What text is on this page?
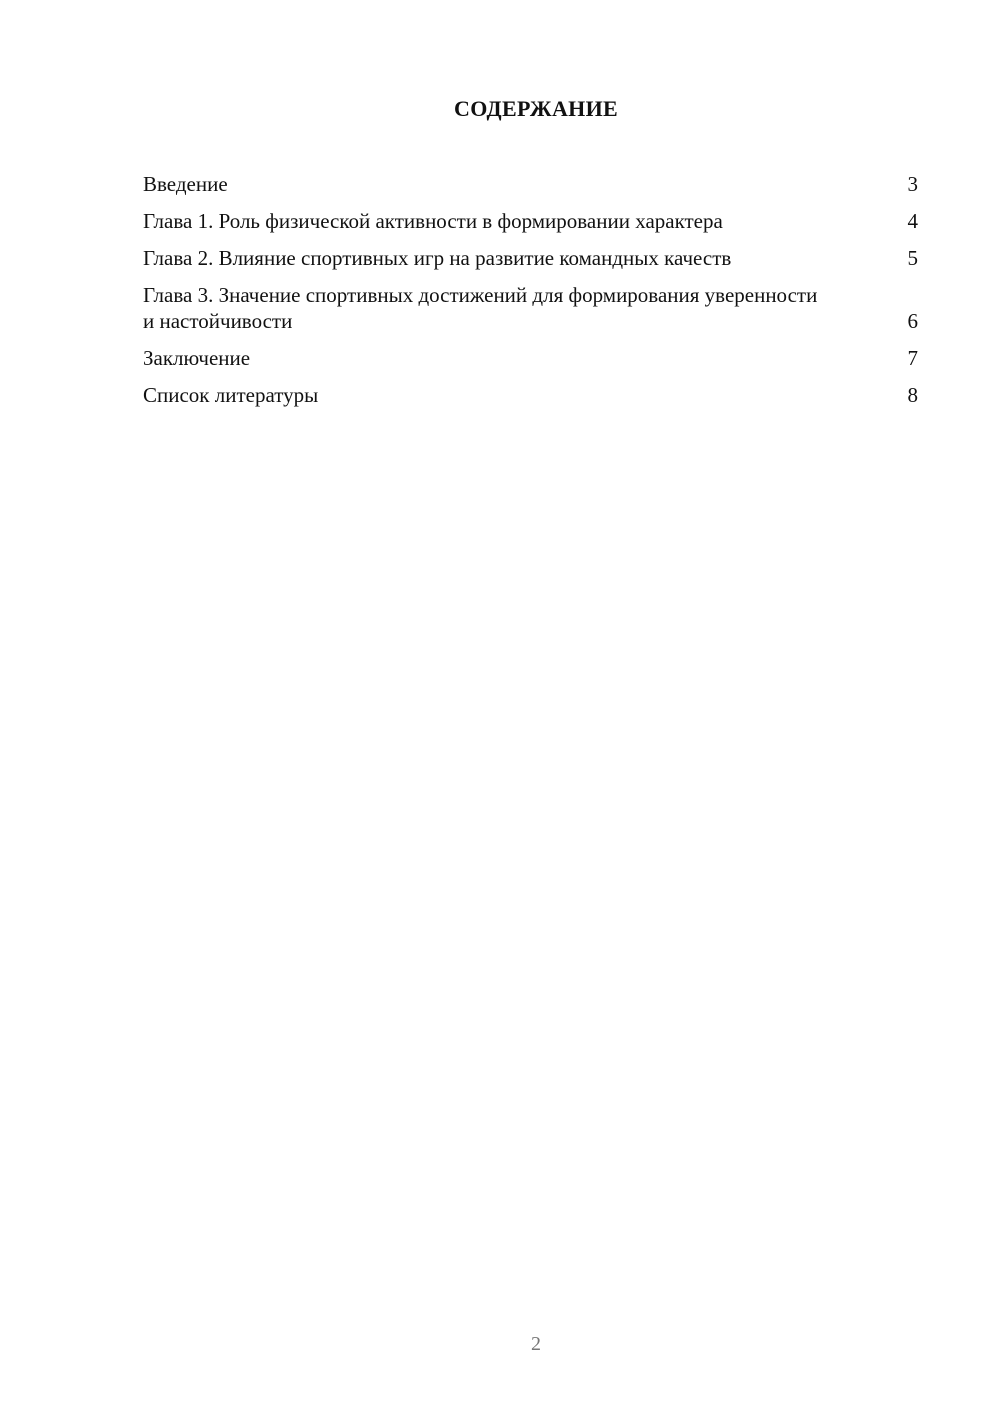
СОДЕРЖАНИЕ
Введение	3
Глава 1. Роль физической активности в формировании характера	4
Глава 2. Влияние спортивных игр на развитие командных качеств	5
Глава 3. Значение спортивных достижений для формирования уверенности и настойчивости	6
Заключение	7
Список литературы	8

2
